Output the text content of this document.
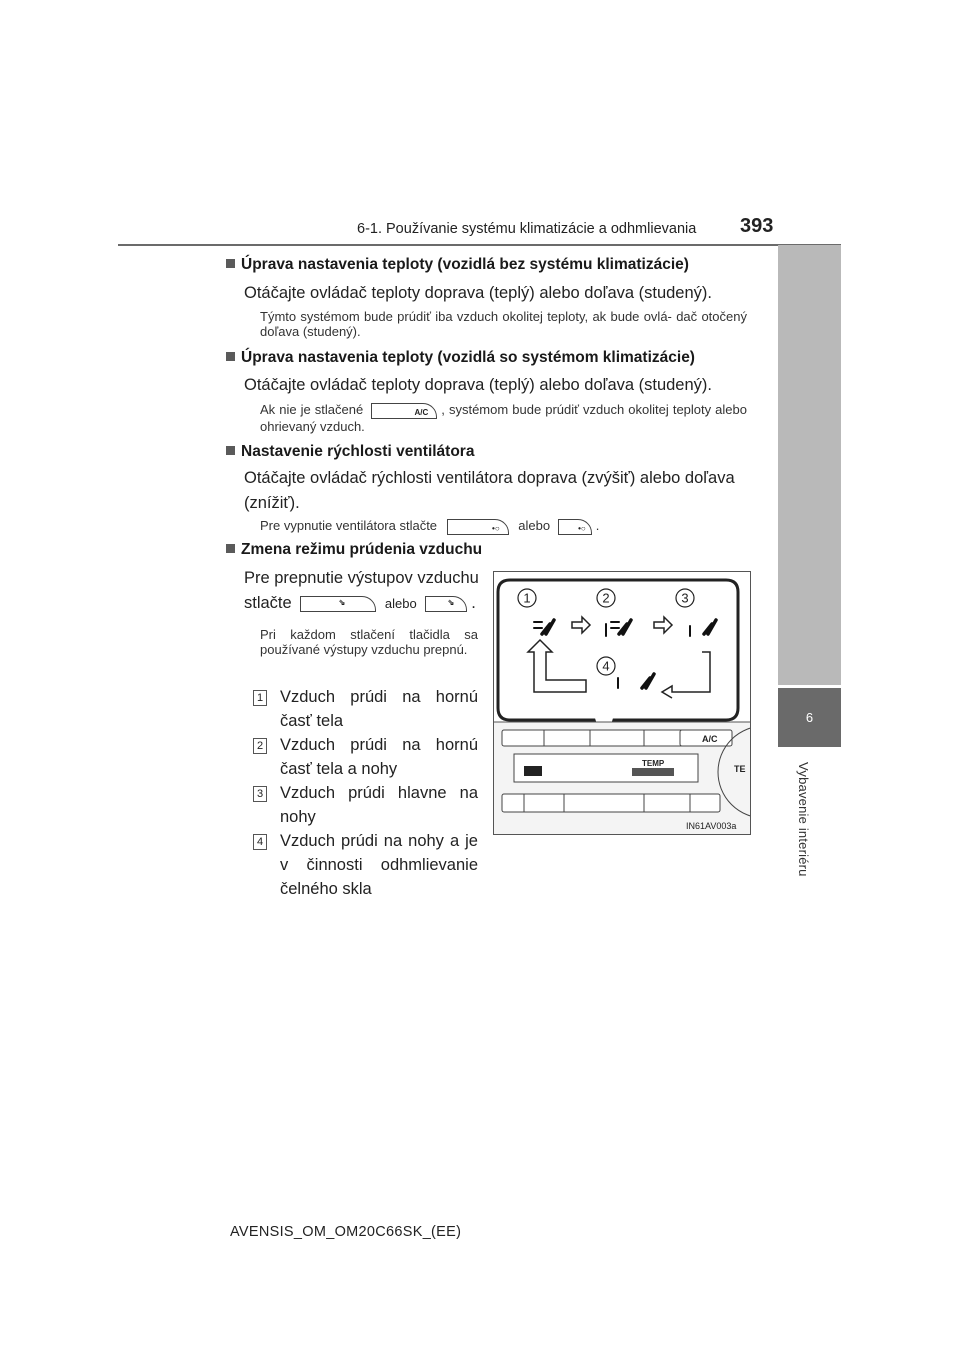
6-1. Používanie systému klimatizácie a odhmlievania 393
6
Vybavenie interiéru
Úprava nastavenia teploty (vozidlá bez systému klimatizácie)
Otáčajte ovládač teploty doprava (teplý) alebo doľava (studený).
Týmto systémom bude prúdiť iba vzduch okolitej teploty, ak bude ovlá- dač otočený doľava (studený).
Úprava nastavenia teploty (vozidlá so systémom klimatizácie)
Otáčajte ovládač teploty doprava (teplý) alebo doľava (studený).
Ak nie je stlačené	A/C , systémom bude prúdiť vzduch okolitej teploty alebo ohrievaný vzduch.
Nastavenie rýchlosti ventilátora
Otáčajte ovládač rýchlosti ventilátora doprava (zvýšiť) alebo doľava (znížiť).
Pre vypnutie ventilátora stlačte	•○ alebo	•○ .
Zmena režimu prúdenia vzduchu
Pre prepnutie výstupov vzduchu
stlačte	⇘	alebo	⇘ .
Pri každom stlačení tlačidla sa používané výstupy vzduchu prepnú.
1 Vzduch prúdi na hornú časť tela
2 Vzduch prúdi na hornú časť tela a nohy
3 Vzduch prúdi hlavne na nohy
4 Vzduch prúdi na nohy a je v činnosti odhmlievanie čelného skla
1	2	3
4
A/C
TEMP
TE
IN61AV003a
AVENSIS_OM_OM20C66SK_(EE)
